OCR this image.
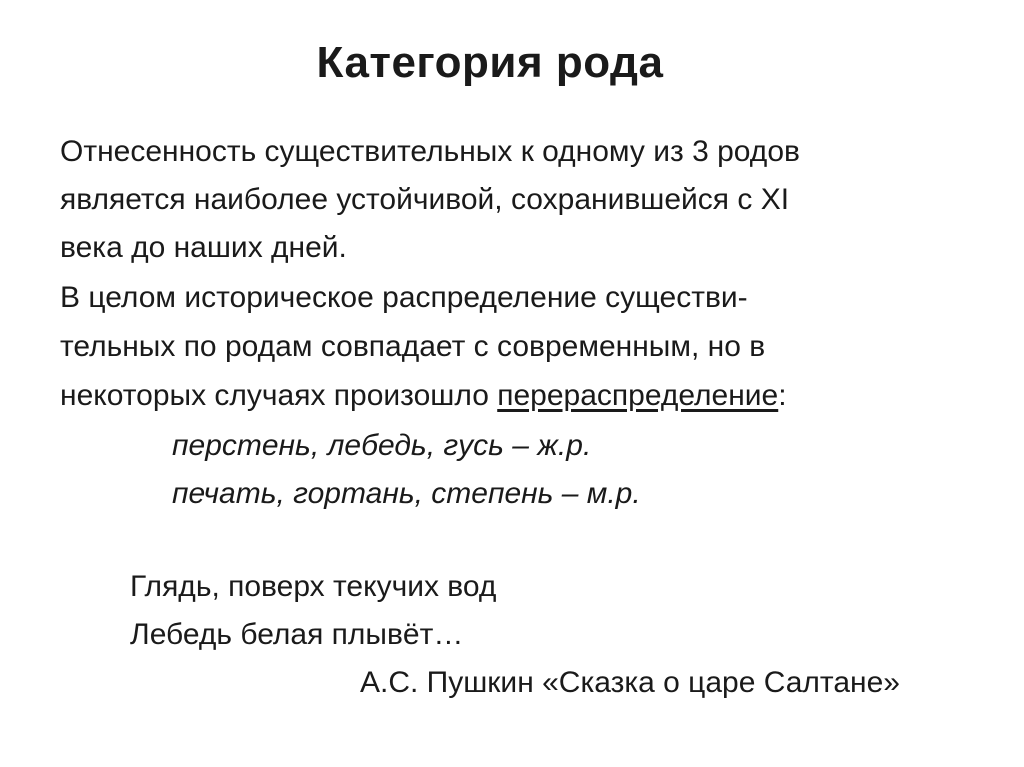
Категория рода

Отнесенность существительных к одному из 3 родов

является наиболее устойчивой, сохранившейся с XI

века до наших дней.

В целом историческое распределение существи-

тельных по родам совпадает с современным, но в

некоторых случаях произошло перераспределение:

перстень, лебедь, гусь – ж.р.

печать, гортань, степень – м.р.

Глядь, поверх текучих вод

Лебедь белая плывёт…

А.С. Пушкин «Сказка о царе Салтане»
